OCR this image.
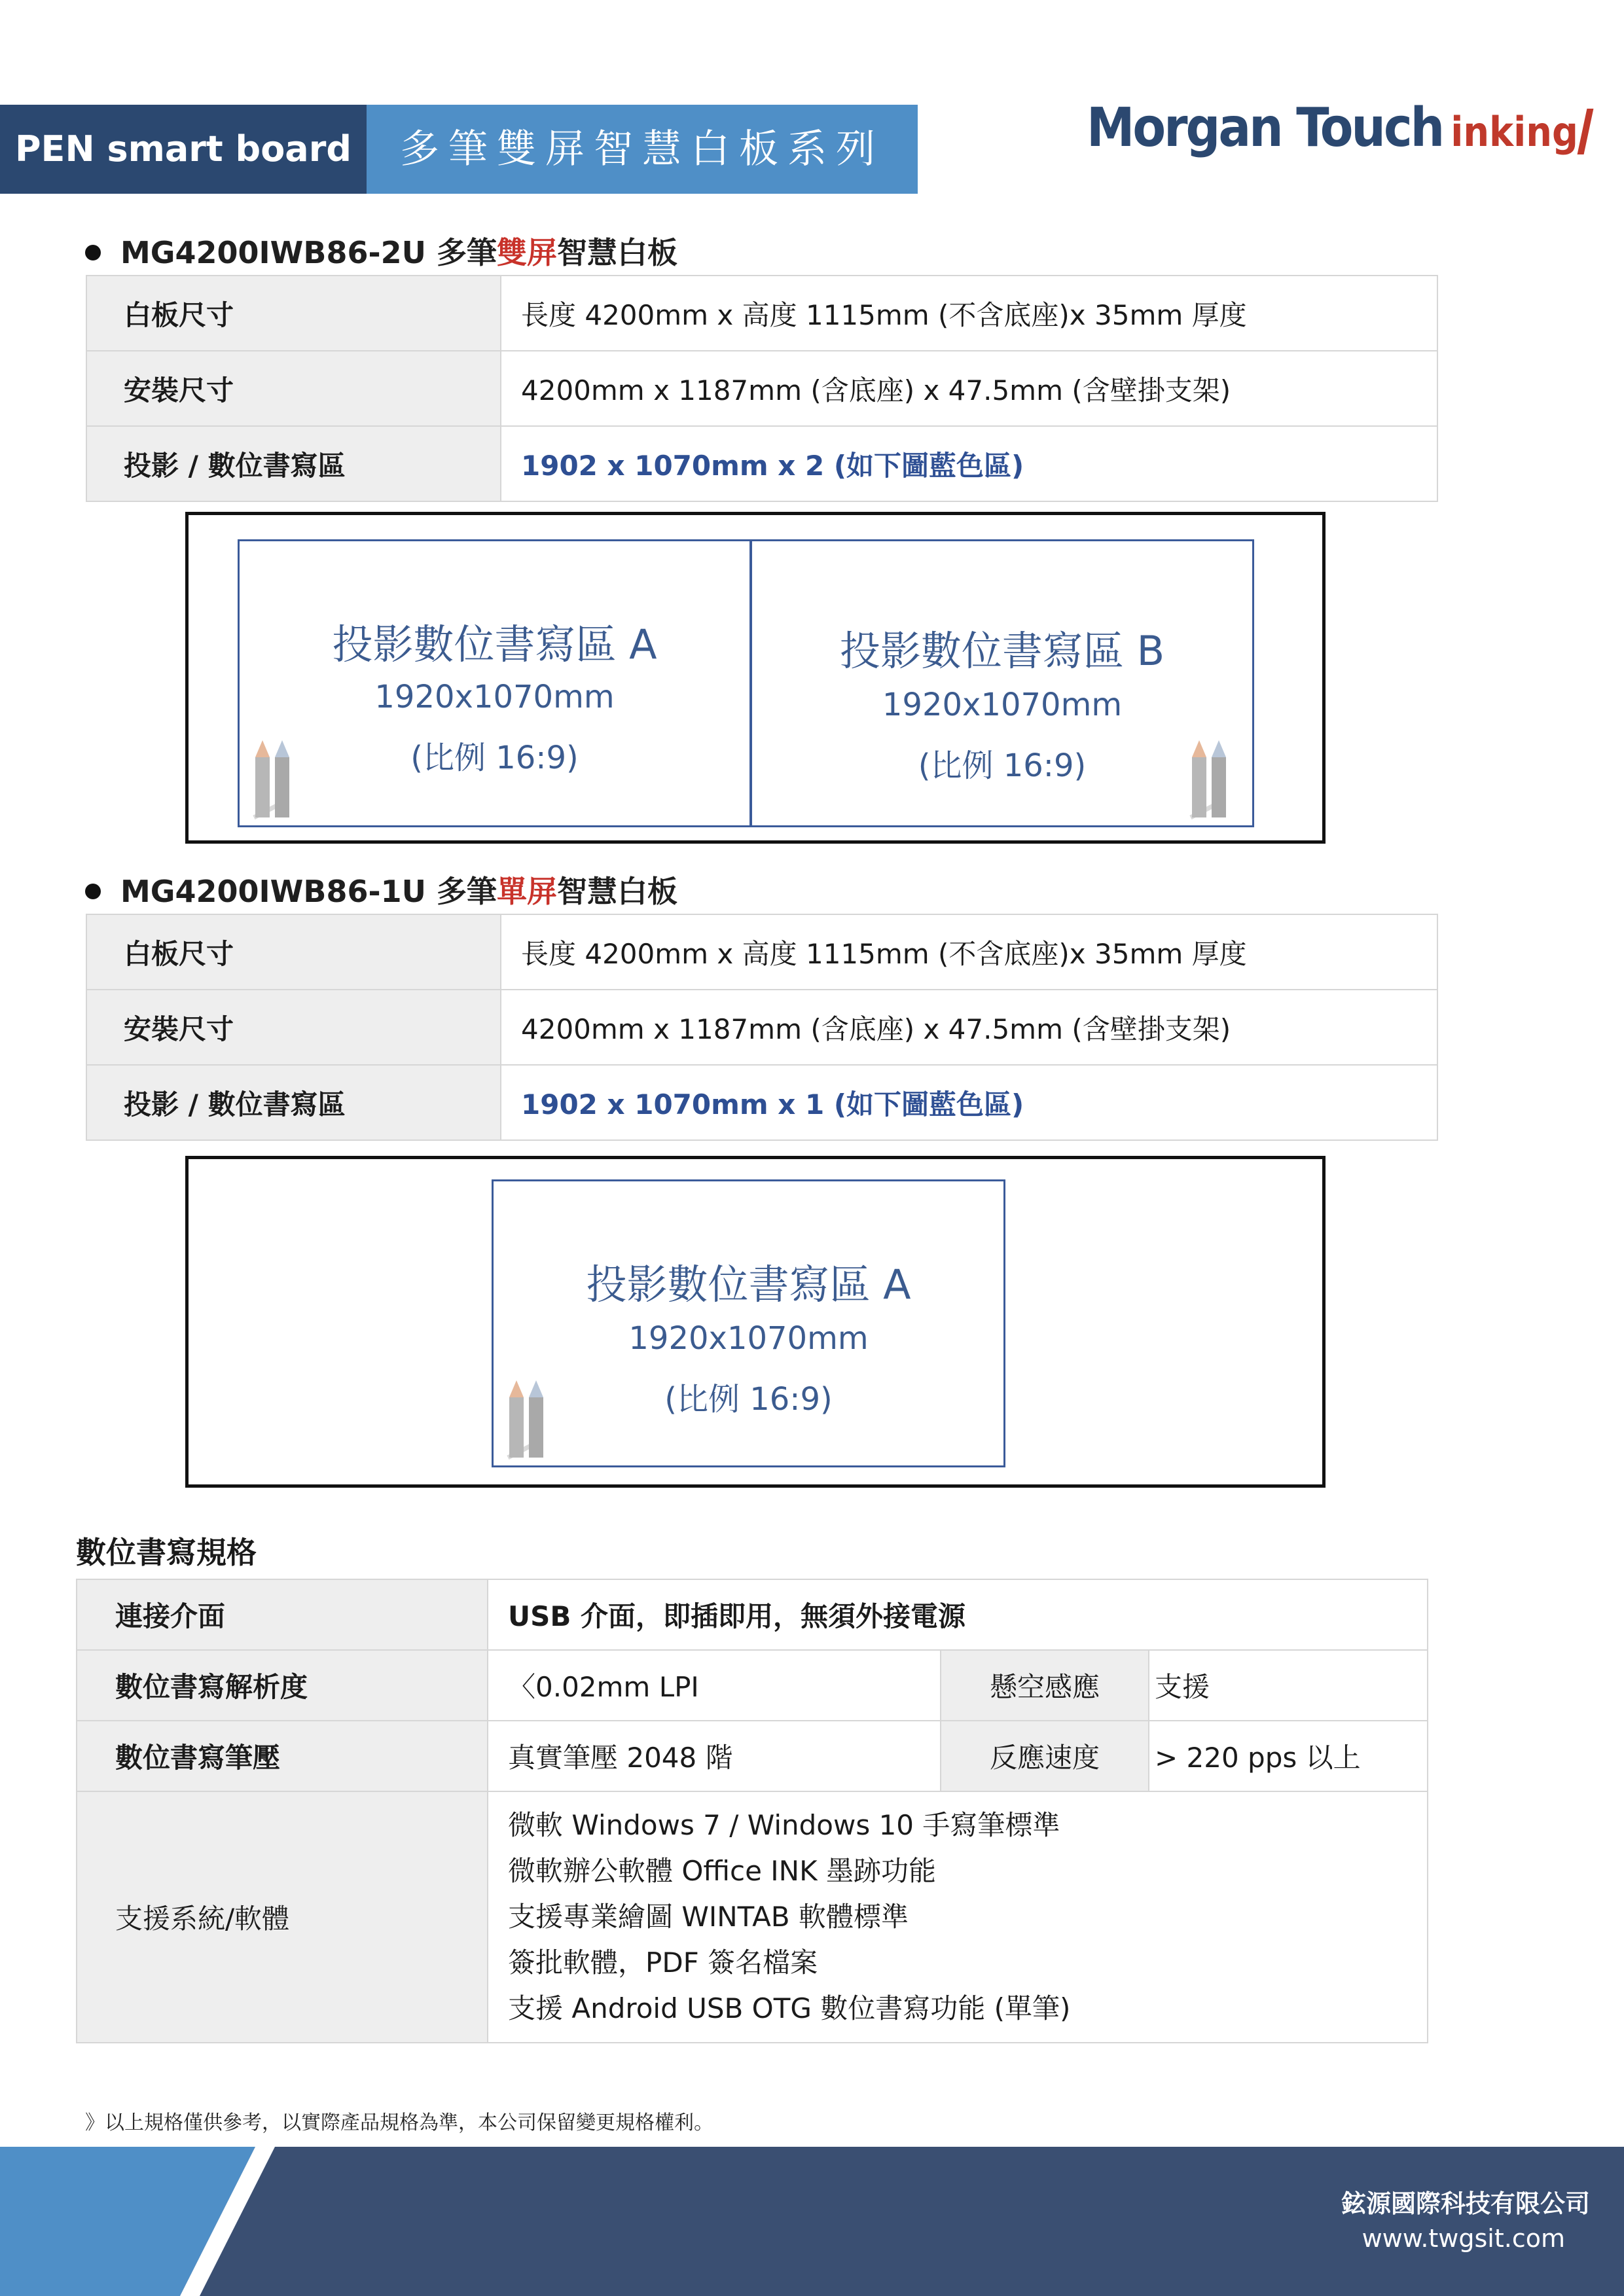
PEN smart board	多筆雙屏智慧白板系列	Morgan Touch inking
MG4200IWB86-2U 多筆雙屏智慧白板
白板尺寸	長度 4200mm x 高度 1115mm (不含底座)x 35mm 厚度
安裝尺寸	4200mm x 1187mm (含底座) x 47.5mm (含壁掛支架)
投影 / 數位書寫區	1902 x 1070mm x 2 (如下圖藍色區)
投影數位書寫區 A
1920x1070mm
(比例 16:9)
投影數位書寫區 B
1920x1070mm
(比例 16:9)
MG4200IWB86-1U 多筆單屏智慧白板
白板尺寸	長度 4200mm x 高度 1115mm (不含底座)x 35mm 厚度
安裝尺寸	4200mm x 1187mm (含底座) x 47.5mm (含壁掛支架)
投影 / 數位書寫區	1902 x 1070mm x 1 (如下圖藍色區)
投影數位書寫區 A
1920x1070mm
(比例 16:9)
數位書寫規格
連接介面	USB 介面，即插即用，無須外接電源		
數位書寫解析度	〈0.02mm LPI	懸空感應	支援
數位書寫筆壓	真實筆壓 2048 階	反應速度	> 220 pps 以上
支援系統/軟體	微軟 Windows 7 / Windows 10 手寫筆標準
微軟辦公軟體 Office INK 墨跡功能
支援專業繪圖 WINTAB 軟體標準
簽批軟體，PDF 簽名檔案
支援 Android USB OTG 數位書寫功能 (單筆)		
》以上規格僅供參考，以實際產品規格為準，本公司保留變更規格權利。
鉉源國際科技有限公司
www.twgsit.com
